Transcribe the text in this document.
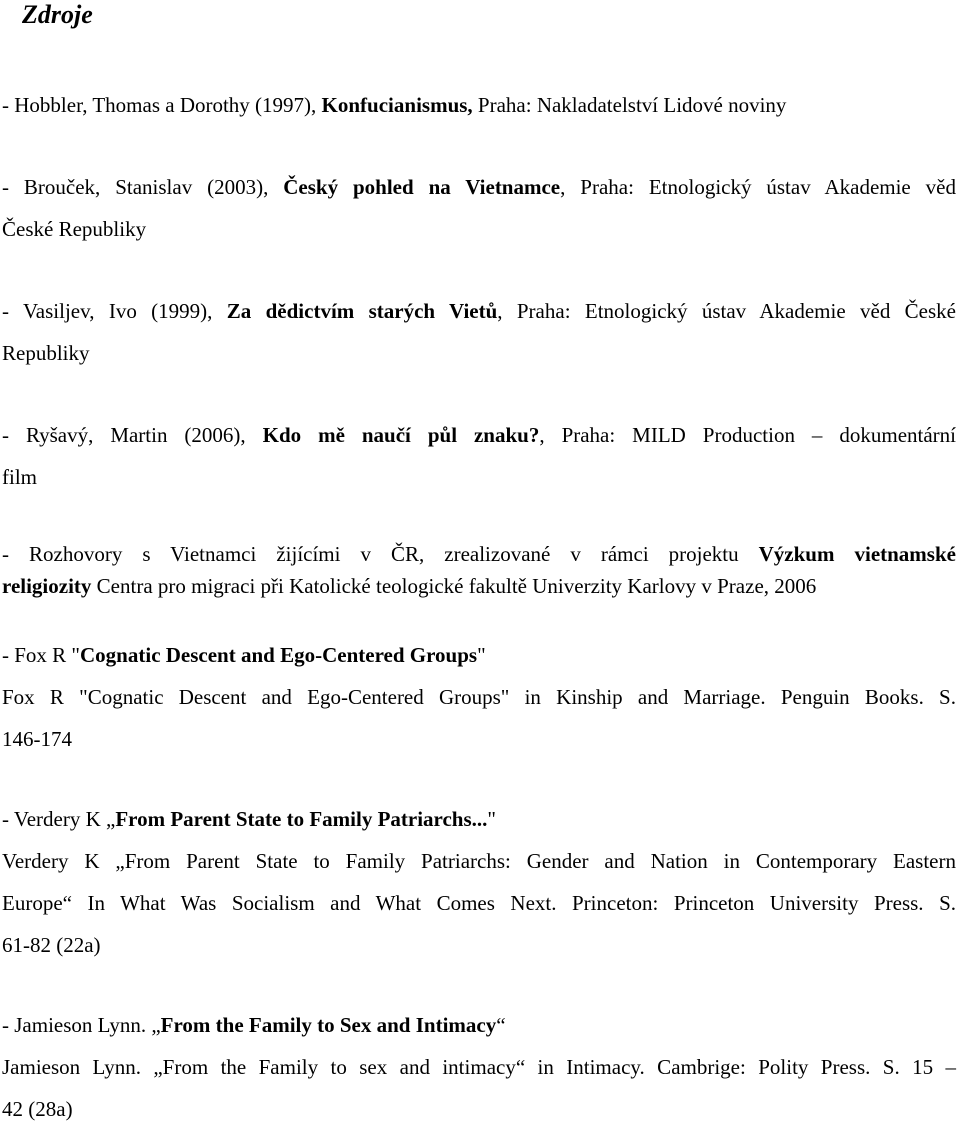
Zdroje
- Hobbler, Thomas a Dorothy (1997), Konfucianismus, Praha: Nakladatelství Lidové noviny
- Brouček, Stanislav (2003), Český pohled na Vietnamce, Praha: Etnologický ústav Akademie věd
České Republiky
- Vasiljev, Ivo (1999), Za dědictvím starých Vietů, Praha: Etnologický ústav Akademie věd České
Republiky
- Ryšavý, Martin (2006), Kdo mě naučí půl znaku?, Praha: MILD Production – dokumentární
film
- Rozhovory s Vietnamci žijícími v ČR, zrealizované v rámci projektu Výzkum vietnamské
religiozity Centra pro migraci při Katolické teologické fakultě Univerzity Karlovy v Praze, 2006
- Fox R "Cognatic Descent and Ego-Centered Groups"
Fox R "Cognatic Descent and Ego-Centered Groups" in Kinship and Marriage. Penguin Books. S.
146-174
- Verdery K „From Parent State to Family Patriarchs..."
Verdery K „From Parent State to Family Patriarchs: Gender and Nation in Contemporary Eastern
Europe“ In What Was Socialism and What Comes Next. Princeton: Princeton University Press. S.
61-82 (22a)
- Jamieson Lynn. „From the Family to Sex and Intimacy“
Jamieson Lynn. „From the Family to sex and intimacy“ in Intimacy. Cambrige: Polity Press. S. 15 –
42 (28a)
